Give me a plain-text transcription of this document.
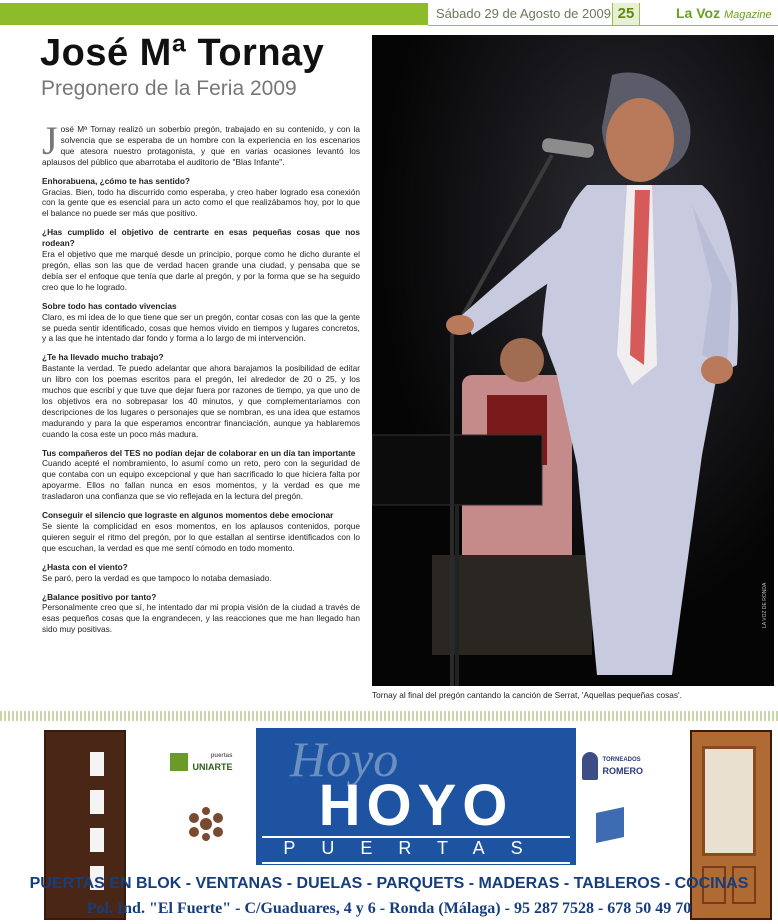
Sábado 29 de Agosto de 2009 25	La Voz Magazine
José Mª Tornay
Pregonero de la Feria 2009

José Mª Tornay realizó un soberbio pregón, trabajado en su contenido, y con la solvencia que se esperaba de un hombre con la experiencia en los escenarios que atesora nuestro protagonista, y que en varias ocasiones levantó los aplausos del público que abarrotaba el auditorio de "Blas Infante".

Enhorabuena, ¿cómo te has sentido?

Gracias. Bien, todo ha discurrido como esperaba, y creo haber logrado esa conexión con la gente que es esencial para un acto como el que realizábamos hoy, por lo que el balance no puede ser más que positivo.

¿Has cumplido el objetivo de centrarte en esas pequeñas cosas que nos rodean?

Era el objetivo que me marqué desde un principio, porque como he dicho durante el pregón, ellas son las que de verdad hacen grande una ciudad, y pensaba que se debía ser el enfoque que tenía que darle al pregón, y por la forma que se ha seguido creo que lo he logrado.

Sobre todo has contado vivencias

Claro, es mi idea de lo que tiene que ser un pregón, contar cosas con las que la gente se pueda sentir identificado, cosas que hemos vivido en tiempos y lugares concretos, y a las que he intentado dar fondo y forma a lo largo de mi intervención.

¿Te ha llevado mucho trabajo?

Bastante la verdad. Te puedo adelantar que ahora barajamos la posibilidad de editar un libro con los poemas escritos para el pregón, leí alrededor de 20 o 25, y los muchos que escribí y que tuve que dejar fuera por razones de tiempo, ya que uno de los objetivos era no sobrepasar los 40 minutos, y que complementaríamos con descripciones de los lugares o personajes que se nombran, es una idea que estamos madurando y para la que esperamos encontrar financiación, aunque ya hablaremos cuando la cosa este un poco más madura.

Tus compañeros del TES no podían dejar de colaborar en un día tan importante

Cuando acepté el nombramiento, lo asumí como un reto, pero con la seguridad de que contaba con un equipo excepcional y que han sacrificado lo que hiciera falta por apoyarme. Ellos no fallan nunca en esos momentos, y la verdad es que me trasladaron una confianza que se vio reflejada en la lectura del pregón.

Conseguir el silencio que lograste en algunos momentos debe emocionar

Se siente la complicidad en esos momentos, en los aplausos contenidos, porque quieren seguir el ritmo del pregón, por lo que estallan al sentirse identificados con lo que escuchan, la verdad es que me sentí cómodo en todo momento.

¿Hasta con el viento?

Se paró, pero la verdad es que tampoco lo notaba demasiado.

¿Balance positivo por tanto?

Personalmente creo que sí, he intentado dar mi propia visión de la ciudad a través de esas pequeños cosas que la engrandecen, y las reacciones que me han llegado han sido muy positivas.

LA VOZ DE RONDA
Tornay al final del pregón cantando la canción de Serrat, 'Aquellas pequeñas cosas'.

puertas
UNIARTE

TORNEADOS
ROMERO
Hoyo
HOYO
PUERTAS
PUERTAS EN BLOK - VENTANAS - DUELAS - PARQUETS - MADERAS - TABLEROS - COCINAS
Pol. Ind. "El Fuerte" - C/Guaduares, 4 y 6 - Ronda (Málaga) - 95 287 7528 - 678 50 49 70
